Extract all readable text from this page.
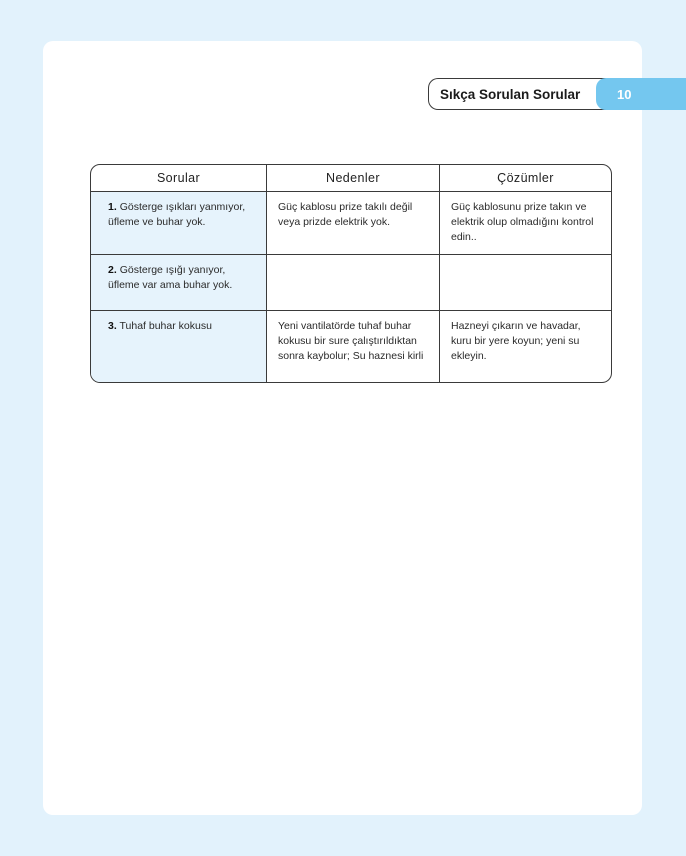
Sıkça Sorulan Sorular	10
Sorular	Nedenler	Çözümler
1. Gösterge ışıkları yanmıyor, üfleme ve buhar yok.	Güç kablosu prize takılı değil veya prizde elektrik yok.	Güç kablosunu prize takın ve elektrik olup olmadığını kontrol edin..
2. Gösterge ışığı yanıyor, üfleme var ama buhar yok.		
3. Tuhaf buhar kokusu	Yeni vantilatörde tuhaf buhar kokusu bir sure çalıştırıldıktan sonra kaybolur; Su haznesi kirli	Hazneyi çıkarın ve havadar, kuru bir yere koyun; yeni su ekleyin.
